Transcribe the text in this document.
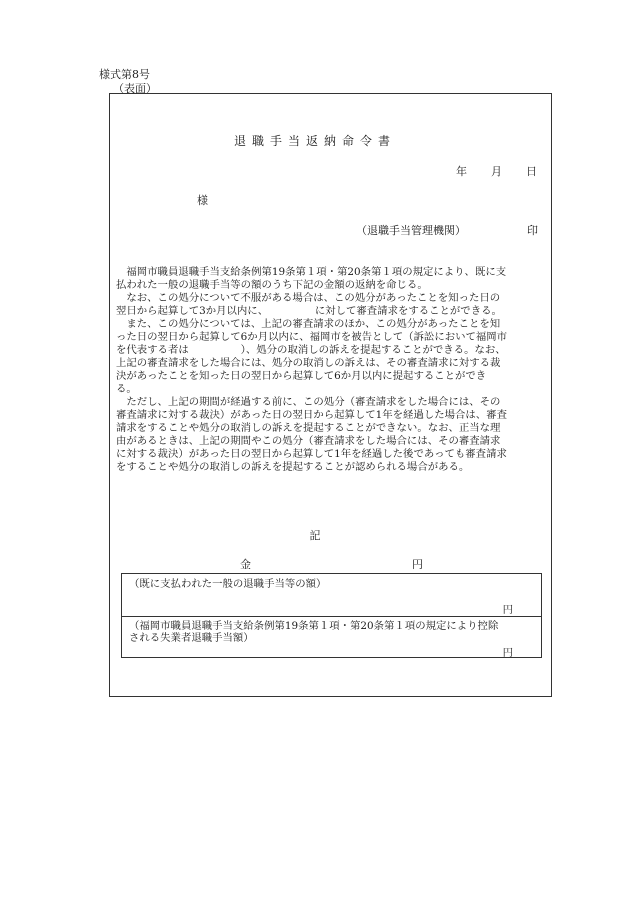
様式第8号
（表面）
退職手当返納命令書
年 月 日
様
（退職手当管理機関）	印

　福岡市職員退職手当支給条例第19条第１項・第20条第１項の規定により、既に支

払われた一般の退職手当等の額のうち下記の金額の返納を命じる。

　なお、この処分について不服がある場合は、この処分があったことを知った日の

翌日から起算して3か月以内に、　　　　　に対して審査請求をすることができる。

　また、この処分については、上記の審査請求のほか、この処分があったことを知

った日の翌日から起算して6か月以内に、福岡市を被告として（訴訟において福岡市

を代表する者は　　　　　）、処分の取消しの訴えを提起することができる。なお、

上記の審査請求をした場合には、処分の取消しの訴えは、その審査請求に対する裁

決があったことを知った日の翌日から起算して6か月以内に提起することができ

る。

　ただし、上記の期間が経過する前に、この処分（審査請求をした場合には、その

審査請求に対する裁決）があった日の翌日から起算して1年を経過した場合は、審査

請求をすることや処分の取消しの訴えを提起することができない。なお、正当な理

由があるときは、上記の期間やこの処分（審査請求をした場合には、その審査請求

に対する裁決）があった日の翌日から起算して1年を経過した後であっても審査請求

をすることや処分の取消しの訴えを提起することが認められる場合がある。

記
金	円
（既に支払われた一般の退職手当等の額）
円
（福岡市職員退職手当支給条例第19条第１項・第20条第１項の規定により控除
される失業者退職手当額）
円
